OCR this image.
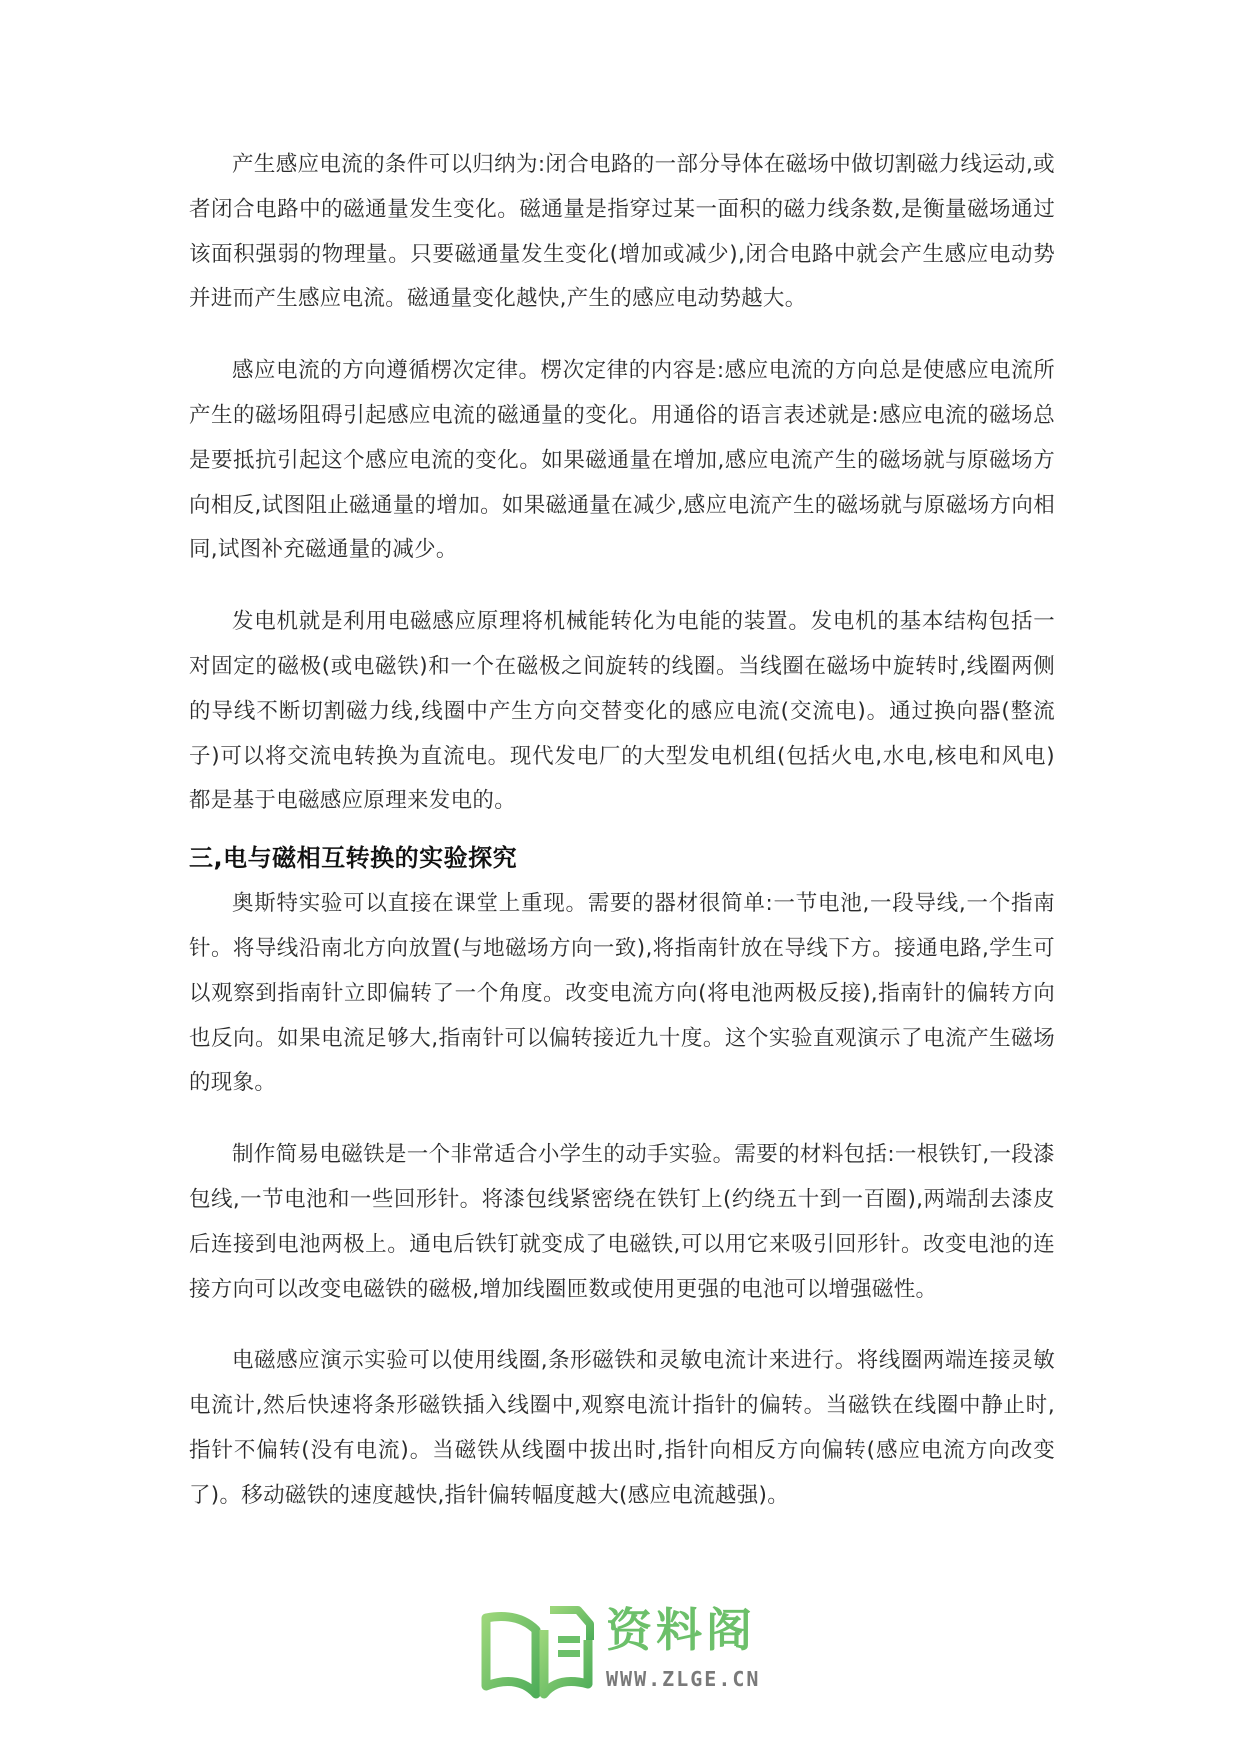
产生感应电流的条件可以归纳为:闭合电路的一部分导体在磁场中做切割磁力线运动,或者闭合电路中的磁通量发生变化。磁通量是指穿过某一面积的磁力线条数,是衡量磁场通过该面积强弱的物理量。只要磁通量发生变化(增加或减少),闭合电路中就会产生感应电动势并进而产生感应电流。磁通量变化越快,产生的感应电动势越大。

感应电流的方向遵循楞次定律。楞次定律的内容是:感应电流的方向总是使感应电流所产生的磁场阻碍引起感应电流的磁通量的变化。用通俗的语言表述就是:感应电流的磁场总是要抵抗引起这个感应电流的变化。如果磁通量在增加,感应电流产生的磁场就与原磁场方向相反,试图阻止磁通量的增加。如果磁通量在减少,感应电流产生的磁场就与原磁场方向相同,试图补充磁通量的减少。

发电机就是利用电磁感应原理将机械能转化为电能的装置。发电机的基本结构包括一对固定的磁极(或电磁铁)和一个在磁极之间旋转的线圈。当线圈在磁场中旋转时,线圈两侧的导线不断切割磁力线,线圈中产生方向交替变化的感应电流(交流电)。通过换向器(整流子)可以将交流电转换为直流电。现代发电厂的大型发电机组(包括火电,水电,核电和风电)都是基于电磁感应原理来发电的。

三,电与磁相互转换的实验探究

奥斯特实验可以直接在课堂上重现。需要的器材很简单:一节电池,一段导线,一个指南针。将导线沿南北方向放置(与地磁场方向一致),将指南针放在导线下方。接通电路,学生可以观察到指南针立即偏转了一个角度。改变电流方向(将电池两极反接),指南针的偏转方向也反向。如果电流足够大,指南针可以偏转接近九十度。这个实验直观演示了电流产生磁场的现象。

制作简易电磁铁是一个非常适合小学生的动手实验。需要的材料包括:一根铁钉,一段漆包线,一节电池和一些回形针。将漆包线紧密绕在铁钉上(约绕五十到一百圈),两端刮去漆皮后连接到电池两极上。通电后铁钉就变成了电磁铁,可以用它来吸引回形针。改变电池的连接方向可以改变电磁铁的磁极,增加线圈匝数或使用更强的电池可以增强磁性。

电磁感应演示实验可以使用线圈,条形磁铁和灵敏电流计来进行。将线圈两端连接灵敏电流计,然后快速将条形磁铁插入线圈中,观察电流计指针的偏转。当磁铁在线圈中静止时,指针不偏转(没有电流)。当磁铁从线圈中拔出时,指针向相反方向偏转(感应电流方向改变了)。移动磁铁的速度越快,指针偏转幅度越大(感应电流越强)。

资料阁
WWW.ZLGE.CN
